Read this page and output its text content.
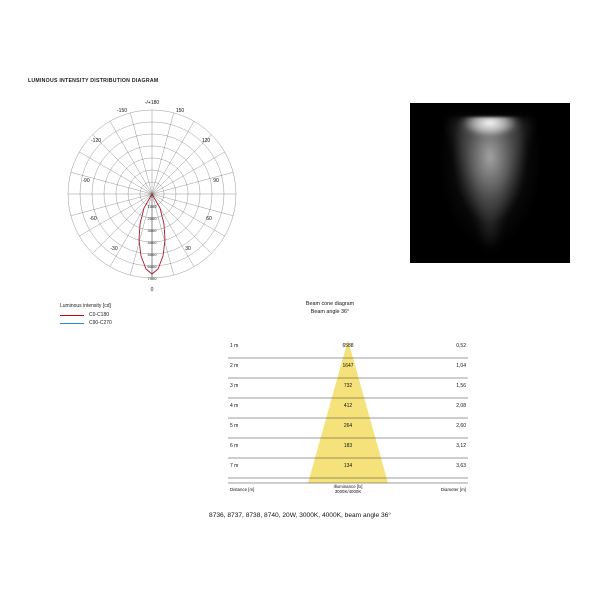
LUMINOUS INTENSITY DISTRIBUTION DIAGRAM
1000
2000
3000
4000
5000
6000
7000
-/+180
150
120
90
60
30
0
-30
-60
-90
-120
-150
Luminous intensity [cd]
C0-C180
C90-C270
Beam cone diagram
Beam angle 36°
1 m	6588	0,52
2 m	1647	1,04
3 m	732	1,56
4 m	412	2,08
5 m	264	2,60
6 m	183	3,12
7 m	134	3,63
Distance [m]
Illuminance [lx]
3000K/4000K	Diameter [m]
8736, 8737, 8738, 8740, 20W, 3000K, 4000K, beam angle 36°
